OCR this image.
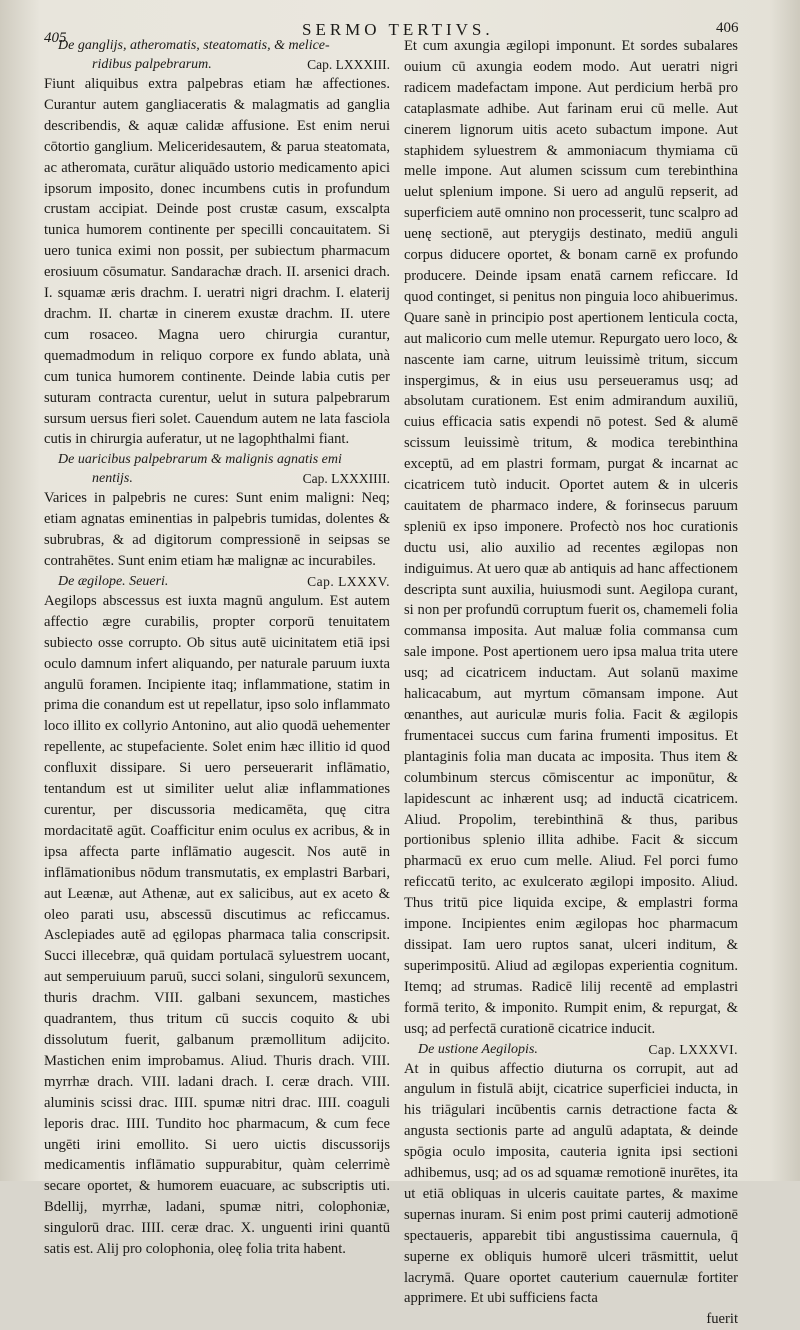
405	SERMO TERTIVS.	406
De ganglijs, atheromatis, steatomatis, & melice-
ridibus palpebrarum.	Cap. LXXXIII.

Fiunt aliquibus extra palpebras etiam hæ affectiones. Curantur autem gangliaceratis & malagmatis ad ganglia describendis, & aquæ calidæ affusione. Est enim nerui cōtortio ganglium. Meliceridesautem, & parua steatomata, ac atheromata, curātur aliquādo ustorio medicamento apici ipsorum imposito, donec incumbens cutis in profundum crustam accipiat. Deinde post crustæ casum, exscalpta tunica humorem continente per specilli concauitatem. Si uero tunica eximi non possit, per subiectum pharmacum erosiuum cōsumatur. Sandarachæ drach. II. arsenici drach. I. squamæ æris drachm. I. ueratri nigri drachm. I. elaterij drachm. II. chartæ in cinerem exustæ drachm. II. utere cum rosaceo. Magna uero chirurgia curantur, quemadmodum in reliquo corpore ex fundo ablata, unà cum tunica humorem continente. Deinde labia cutis per suturam contracta curentur, uelut in sutura palpebrarum sursum uersus fieri solet. Cauendum autem ne lata fasciola cutis in chirurgia auferatur, ut ne lagophthalmi fiant.

De uaricibus palpebrarum & malignis agnatis emi
nentijs.	Cap. LXXXIIII.

Varices in palpebris ne cures: Sunt enim maligni: Neq; etiam agnatas eminentias in palpebris tumidas, dolentes & subrubras, & ad digitorum compressionē in seipsas se contrahētes. Sunt enim etiam hæ malignæ ac incurabiles.

De ægilope. Seueri.	Cap. LXXXV.

Aegilops abscessus est iuxta magnū angulum. Est autem affectio ægre curabilis, propter corporū tenuitatem subiecto osse corrupto. Ob situs autē uicinitatem etiā ipsi oculo damnum infert aliquando, per naturale paruum iuxta angulū foramen. Incipiente itaq; inflammatione, statim in prima die conandum est ut repellatur, ipso solo inflammato loco illito ex collyrio Antonino, aut alio quodā uehementer repellente, ac stupefaciente. Solet enim hæc illitio id quod confluxit dissipare. Si uero perseuerarit inflāmatio, tentandum est ut similiter uelut aliæ inflammationes curentur, per discussoria medicamēta, quę citra mordacitatē agūt. Coafficitur enim oculus ex acribus, & in ipsa affecta parte inflāmatio augescit. Nos autē in inflāmationibus nōdum transmutatis, ex emplastri Barbari, aut Leænæ, aut Athenæ, aut ex salicibus, aut ex aceto & oleo parati usu, abscessū discutimus ac reficcamus. Asclepiades autē ad ęgilopas pharmaca talia conscripsit. Succi illecebræ, quā quidam portulacā syluestrem uocant, aut semperuiuum paruū, succi solani, singulorū sexuncem, thuris drachm. VIII. galbani sexuncem, mastiches quadrantem, thus tritum cū succis coquito & ubi dissolutum fuerit, galbanum præmollitum adijcito. Mastichen enim improbamus. Aliud. Thuris drach. VIII. myrrhæ drach. VIII. ladani drach. I. ceræ drach. VIII. aluminis scissi drac. IIII. spumæ nitri drac. IIII. coaguli leporis drac. IIII. Tundito hoc pharmacum, & cum fece ungēti irini emollito. Si uero uictis discussorijs medicamentis inflāmatio suppurabitur, quàm celerrimè secare oportet, & humorem euacuare, ac subscriptis uti. Bdellij, myrrhæ, ladani, spumæ nitri, colophoniæ, singulorū drac. IIII. ceræ drac. X. unguenti irini quantū satis est. Alij pro colophonia, oleę folia trita habent.

Et cum axungia ægilopi imponunt. Et sordes subalares ouium cū axungia eodem modo. Aut ueratri nigri radicem madefactam impone. Aut perdicium herbā pro cataplasmate adhibe. Aut farinam erui cū melle. Aut cinerem lignorum uitis aceto subactum impone. Aut staphidem syluestrem & ammoniacum thymiama cū melle impone. Aut alumen scissum cum terebinthina uelut splenium impone. Si uero ad angulū repserit, ad superficiem autē omnino non processerit, tunc scalpro ad uenę sectionē, aut pterygijs destinato, mediū anguli corpus diducere oportet, & bonam carnē ex profundo producere. Deinde ipsam enatā carnem reficcare. Id quod continget, si penitus non pinguia loco ahibuerimus. Quare sanè in principio post apertionem lenticula cocta, aut malicorio cum melle utemur. Repurgato uero loco, & nascente iam carne, uitrum leuissimè tritum, siccum inspergimus, & in eius usu perseueramus usq; ad absolutam curationem. Est enim admirandum auxiliū, cuius efficacia satis expendi nō potest. Sed & alumē scissum leuissimè tritum, & modica terebinthina exceptū, ad em plastri formam, purgat & incarnat ac cicatricem tutò inducit. Oportet autem & in ulceris cauitatem de pharmaco indere, & forinsecus paruum spleniū ex ipso imponere. Profectò nos hoc curationis ductu usi, alio auxilio ad recentes ægilopas non indiguimus. At uero quæ ab antiquis ad hanc affectionem descripta sunt auxilia, huiusmodi sunt. Aegilopa curant, si non per profundū corruptum fuerit os, chamemeli folia commansa imposita. Aut maluæ folia commansa cum sale impone. Post apertionem uero ipsa malua trita utere usq; ad cicatricem inductam. Aut solanū maxime halicacabum, aut myrtum cōmansam impone. Aut œnanthes, aut auriculæ muris folia. Facit & ægilopis frumentacei succus cum farina frumenti impositus. Et plantaginis folia man ducata ac imposita. Thus item & columbinum stercus cōmiscentur ac imponūtur, & lapidescunt ac inhærent usq; ad inductā cicatricem. Aliud. Propolim, terebinthinā & thus, paribus portionibus splenio illita adhibe. Facit & siccum pharmacū ex eruo cum melle. Aliud. Fel porci fumo reficcatū terito, ac exulcerato ægilopi imposito. Aliud. Thus tritū pice liquida excipe, & emplastri forma impone. Incipientes enim ægilopas hoc pharmacum dissipat. Iam uero ruptos sanat, ulceri inditum, & superimpositū. Aliud ad ægilopas experientia cognitum. Itemq; ad strumas. Radicē lilij recentē ad emplastri formā terito, & imponito. Rumpit enim, & repurgat, & usq; ad perfectā curationē cicatrice inducit.

De ustione Aegilopis.	Cap. LXXXVI.

At in quibus affectio diuturna os corrupit, aut ad angulum in fistulā abijt, cicatrice superficiei inducta, in his triāgulari incūbentis carnis detractione facta & angusta sectionis parte ad angulū adaptata, & deinde spōgia oculo imposita, cauteria ignita ipsi sectioni adhibemus, usq; ad os ad squamæ remotionē inurētes, ita ut etiā obliquas in ulceris cauitate partes, & maxime supernas inuram. Si enim post primi cauterij admotionē spectaueris, apparebit tibi angustissima cauernula, q̄ superne ex obliquis humorē ulceri trāsmittit, uelut lacrymā. Quare oportet cauterium cauernulæ fortiter apprimere. Et ubi sufficiens facta

fuerit
